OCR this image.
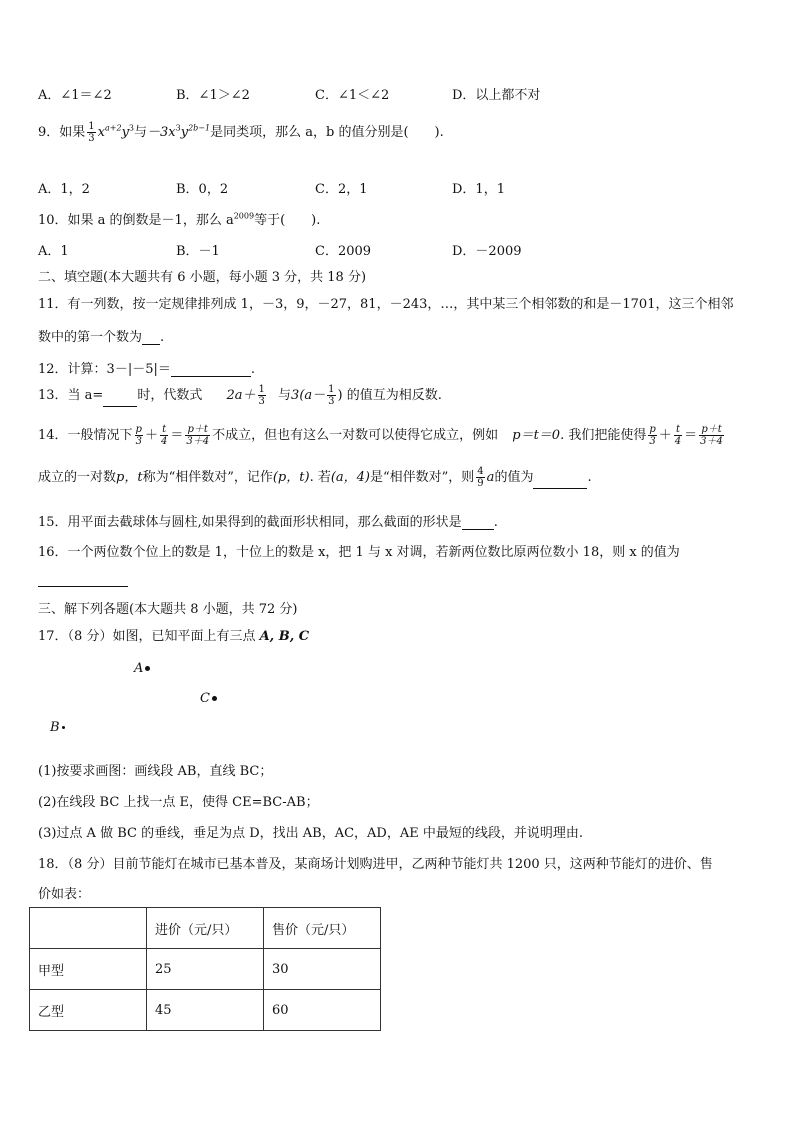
A．∠1＝∠2	B．∠1＞∠2	C．∠1＜∠2	D．以上都不对
9．如果 $\frac{1}{3} x^{a+2}y^3$与$-3x^3y^{2b-1}$是同类项，那么 a，b 的值分别是(　　).
A．1，2	B．0，2	C．2，1	D．1，1
10．如果 a 的倒数是－1，那么 $a^{2009}$等于(　　).
A．1	B．－1	C．2009	D．－2009
二、填空题(本大题共有 6 小题，每小题 3 分，共 18 分)
11．有一列数，按一定规律排列成 1，－3，9，－27，81，－243，…，其中某三个相邻数的和是－1701，这三个相邻
数中的第一个数为 .
12．计算：3－|－5|＝	.
13．当 a=	时，代数式 $2a+ \frac{1}{3}$ 与$3(a- \frac{1}{3}$ ) 的值互为相反数.
14．一般情况下 $\frac{p}{3} + \frac{t}{4} = \frac{p+t}{3+4}$ 不成立，但也有这么一对数可以使得它成立，例如 p＝t＝0. 我们把能使得 $\frac{p}{3} + \frac{t}{4} = \frac{p+t}{3+4}$
成立的一对数p，t称为“相伴数对”，记作(p，t). 若(a，4)是“相伴数对”，则 $\frac{4}{9}$ a的值为	.
15．用平面去截球体与圆柱,如果得到的截面形状相同，那么截面的形状是 .
16．一个两位数个位上的数是 1，十位上的数是 x，把 1 与 x 对调，若新两位数比原两位数小 18，则 x 的值为
三、解下列各题(本大题共 8 小题，共 72 分)
17．（8 分）如图，已知平面上有三点 A, B, C
A
C
B
(1)按要求画图：画线段 AB，直线 BC；
(2)在线段 BC 上找一点 E，使得 CE=BC-AB；
(3)过点 A 做 BC 的垂线，垂足为点 D，找出 AB，AC，AD，AE 中最短的线段，并说明理由.
18．（8 分）目前节能灯在城市已基本普及，某商场计划购进甲，乙两种节能灯共 1200 只，这两种节能灯的进价、售
价如表：
	进价（元/只）	售价（元/只）
甲型	25	30
乙型	45	60
